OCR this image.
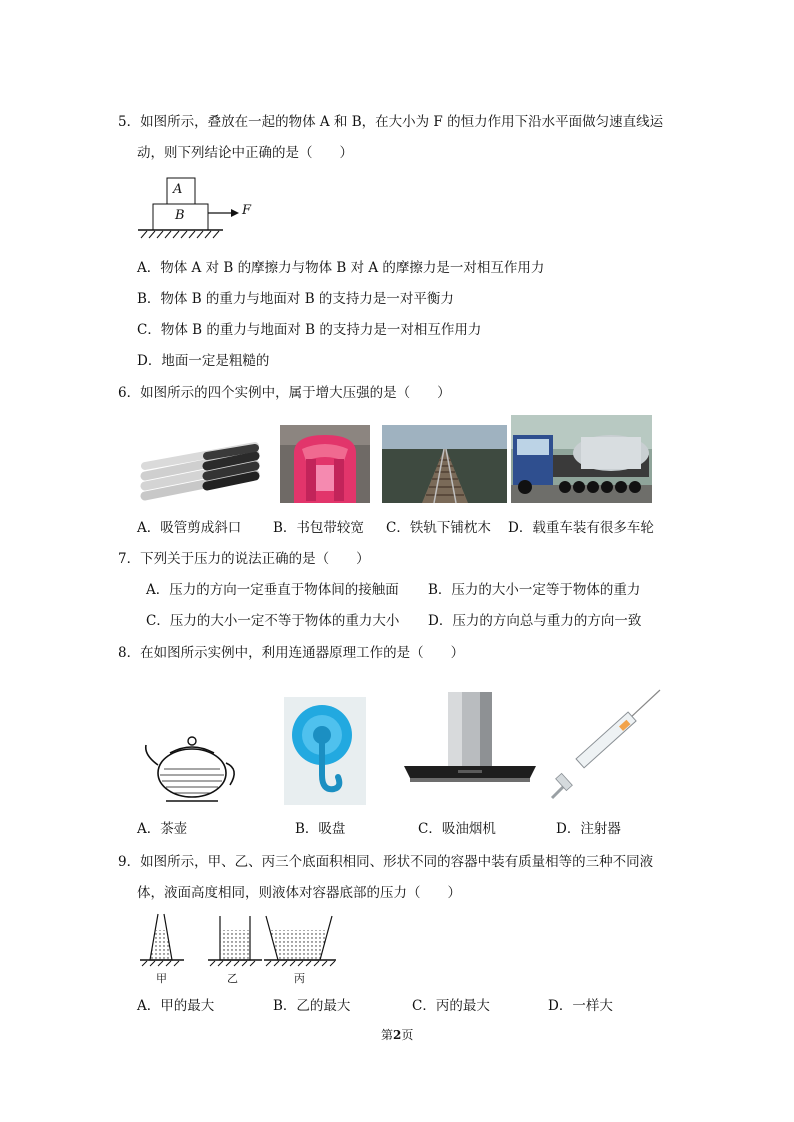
5．如图所示，叠放在一起的物体 A 和 B，在大小为 F 的恒力作用下沿水平面做匀速直线运
动，则下列结论中正确的是（　　）
A
B	F
A．物体 A 对 B 的摩擦力与物体 B 对 A 的摩擦力是一对相互作用力
B．物体 B 的重力与地面对 B 的支持力是一对平衡力
C．物体 B 的重力与地面对 B 的支持力是一对相互作用力
D．地面一定是粗糙的
6．如图所示的四个实例中，属于增大压强的是（　　）
A．吸管剪成斜口 B．书包带较宽 C．铁轨下铺枕木 D．载重车装有很多车轮
7．下列关于压力的说法正确的是（　　）
A．压力的方向一定垂直于物体间的接触面 B．压力的大小一定等于物体的重力
C．压力的大小一定不等于物体的重力大小 D．压力的方向总与重力的方向一致
8．在如图所示实例中，利用连通器原理工作的是（　　）
A．茶壶	B．吸盘	C．吸油烟机	D．注射器
9．如图所示，甲、乙、丙三个底面积相同、形状不同的容器中装有质量相等的三种不同液
体，液面高度相同，则液体对容器底部的压力（　　）
甲	乙	丙
A．甲的最大	B．乙的最大	C．丙的最大	D．一样大
第2页
